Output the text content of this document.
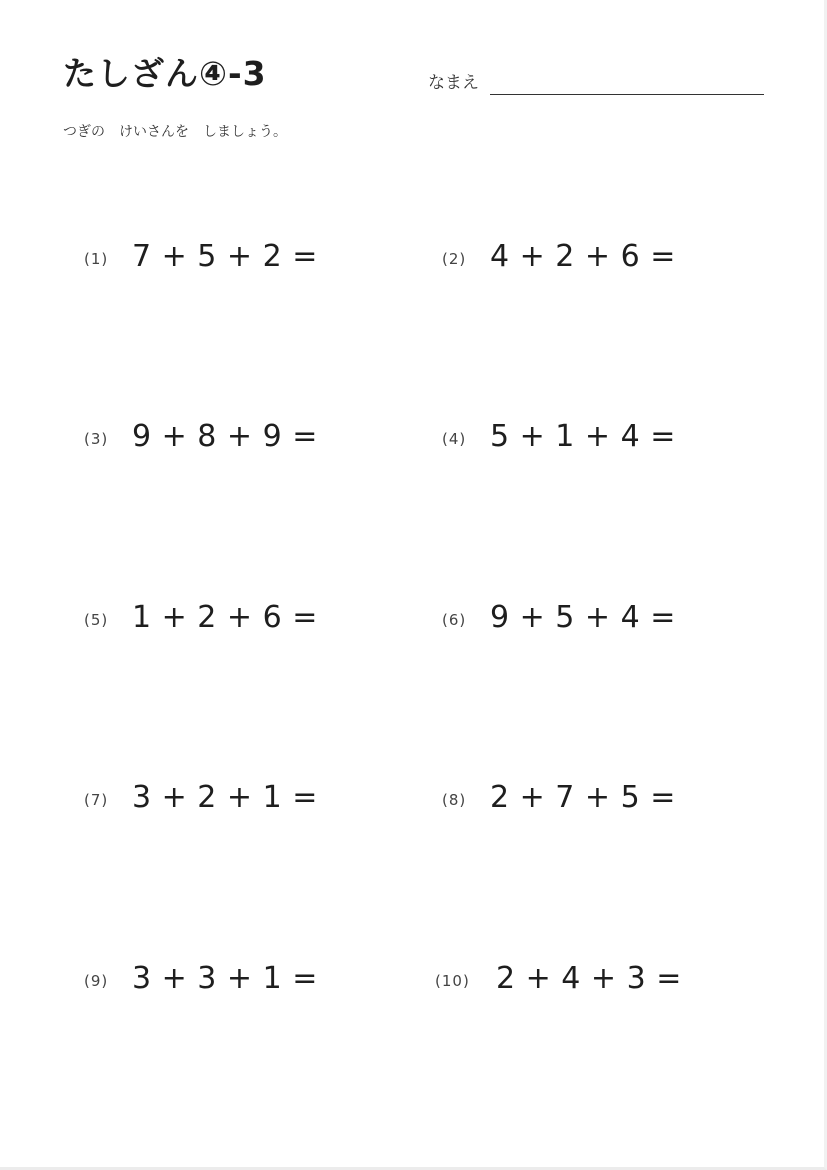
たしざん④-3	なまえ
つぎの　けいさんを　しましょう。
(1) 7 + 5 + 2 =	(2) 4 + 2 + 6 =
(3) 9 + 8 + 9 =	(4) 5 + 1 + 4 =
(5) 1 + 2 + 6 =	(6) 9 + 5 + 4 =
(7) 3 + 2 + 1 =	(8) 2 + 7 + 5 =
(9) 3 + 3 + 1 =	(10) 2 + 4 + 3 =
